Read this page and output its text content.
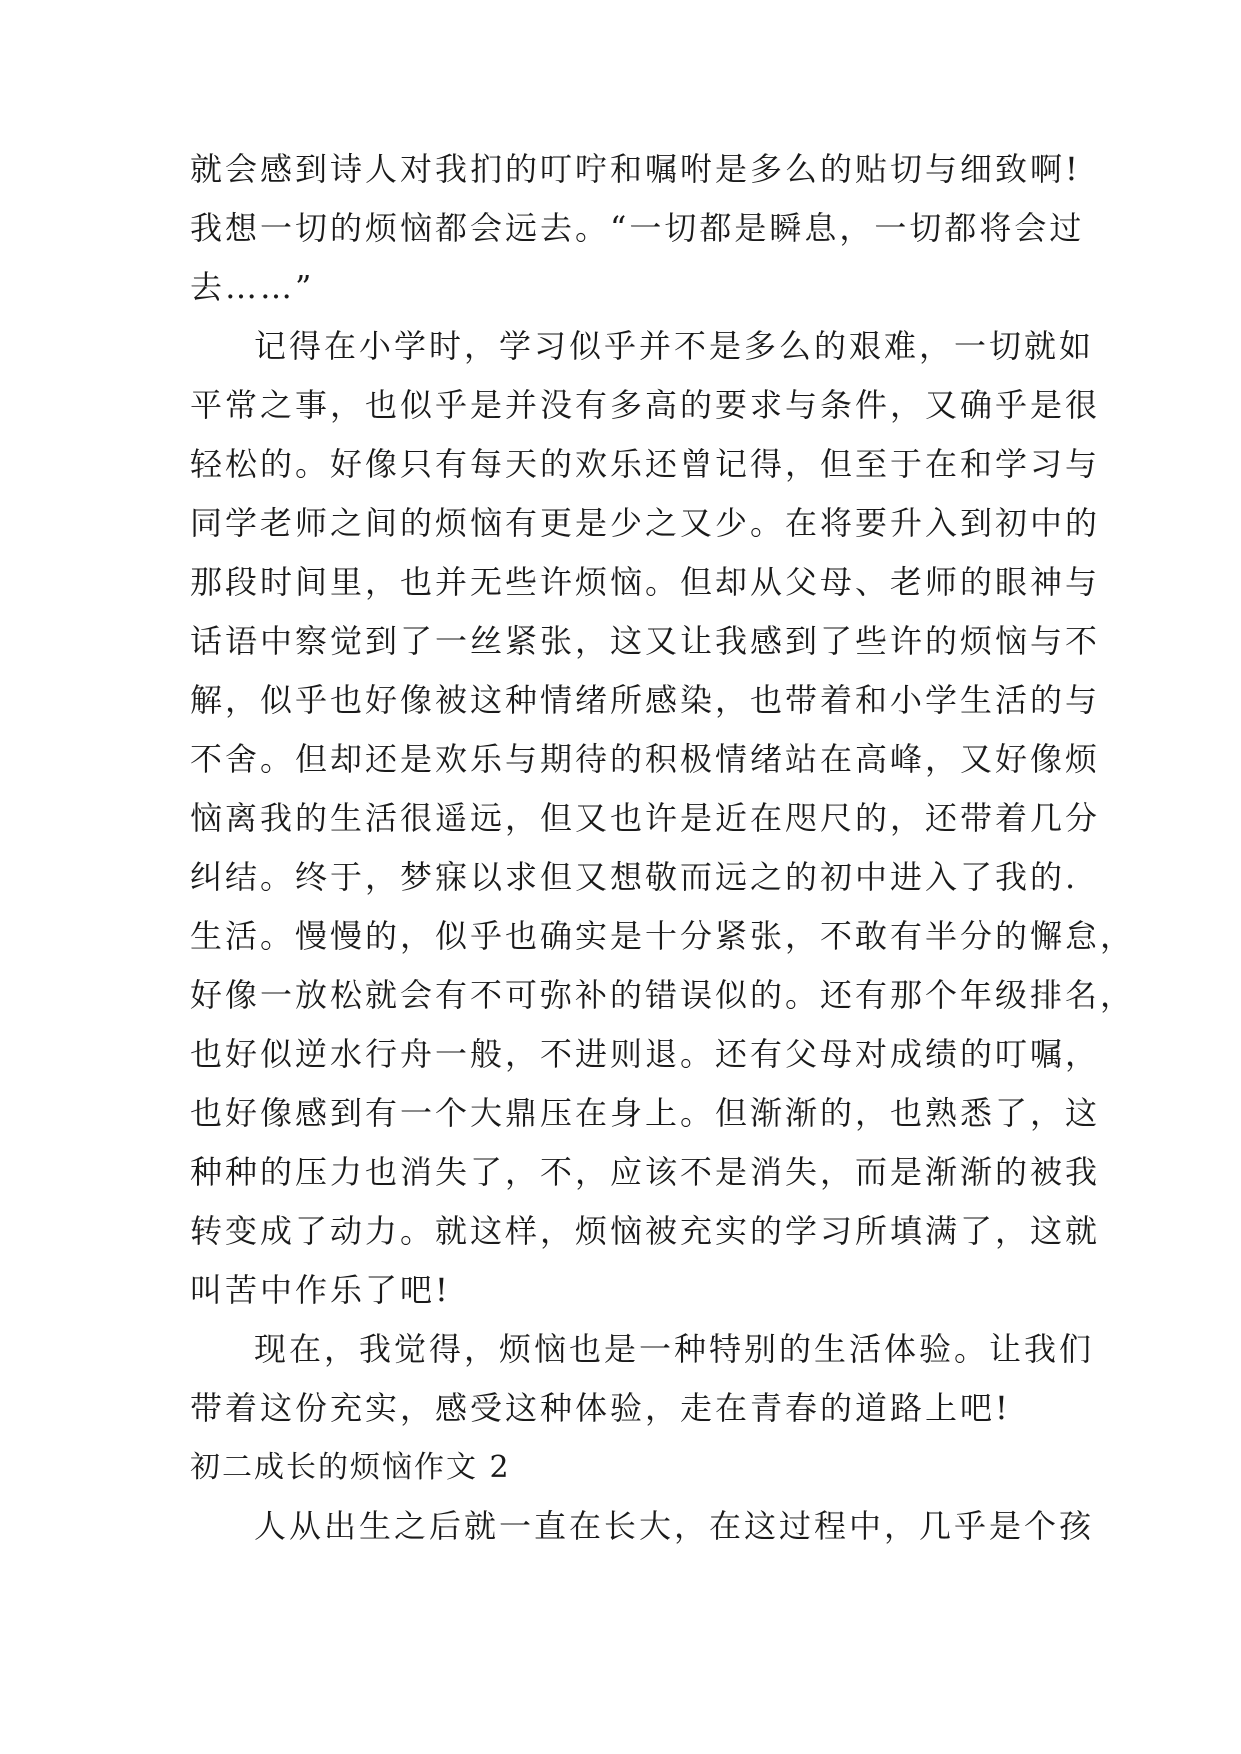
就会感到诗人对我扪的叮咛和嘱咐是多么的贴切与细致啊!
我想一切的烦恼都会远去。“一切都是瞬息，一切都将会过
去……”
记得在小学时，学习似乎并不是多么的艰难，一切就如
平常之事，也似乎是并没有多高的要求与条件，又确乎是很
轻松的。好像只有每天的欢乐还曾记得，但至于在和学习与
同学老师之间的烦恼有更是少之又少。在将要升入到初中的
那段时间里，也并无些许烦恼。但却从父母、老师的眼神与
话语中察觉到了一丝紧张，这又让我感到了些许的烦恼与不
解，似乎也好像被这种情绪所感染，也带着和小学生活的与
不舍。但却还是欢乐与期待的积极情绪站在高峰，又好像烦
恼离我的生活很遥远，但又也许是近在咫尺的，还带着几分
纠结。终于，梦寐以求但又想敬而远之的初中进入了我的.
生活。慢慢的，似乎也确实是十分紧张，不敢有半分的懈怠，
好像一放松就会有不可弥补的错误似的。还有那个年级排名，
也好似逆水行舟一般，不进则退。还有父母对成绩的叮嘱，
也好像感到有一个大鼎压在身上。但渐渐的，也熟悉了，这
种种的压力也消失了，不，应该不是消失，而是渐渐的被我
转变成了动力。就这样，烦恼被充实的学习所填满了，这就
叫苦中作乐了吧!
现在，我觉得，烦恼也是一种特别的生活体验。让我们
带着这份充实，感受这种体验，走在青春的道路上吧!
初二成长的烦恼作文 2
人从出生之后就一直在长大，在这过程中，几乎是个孩
